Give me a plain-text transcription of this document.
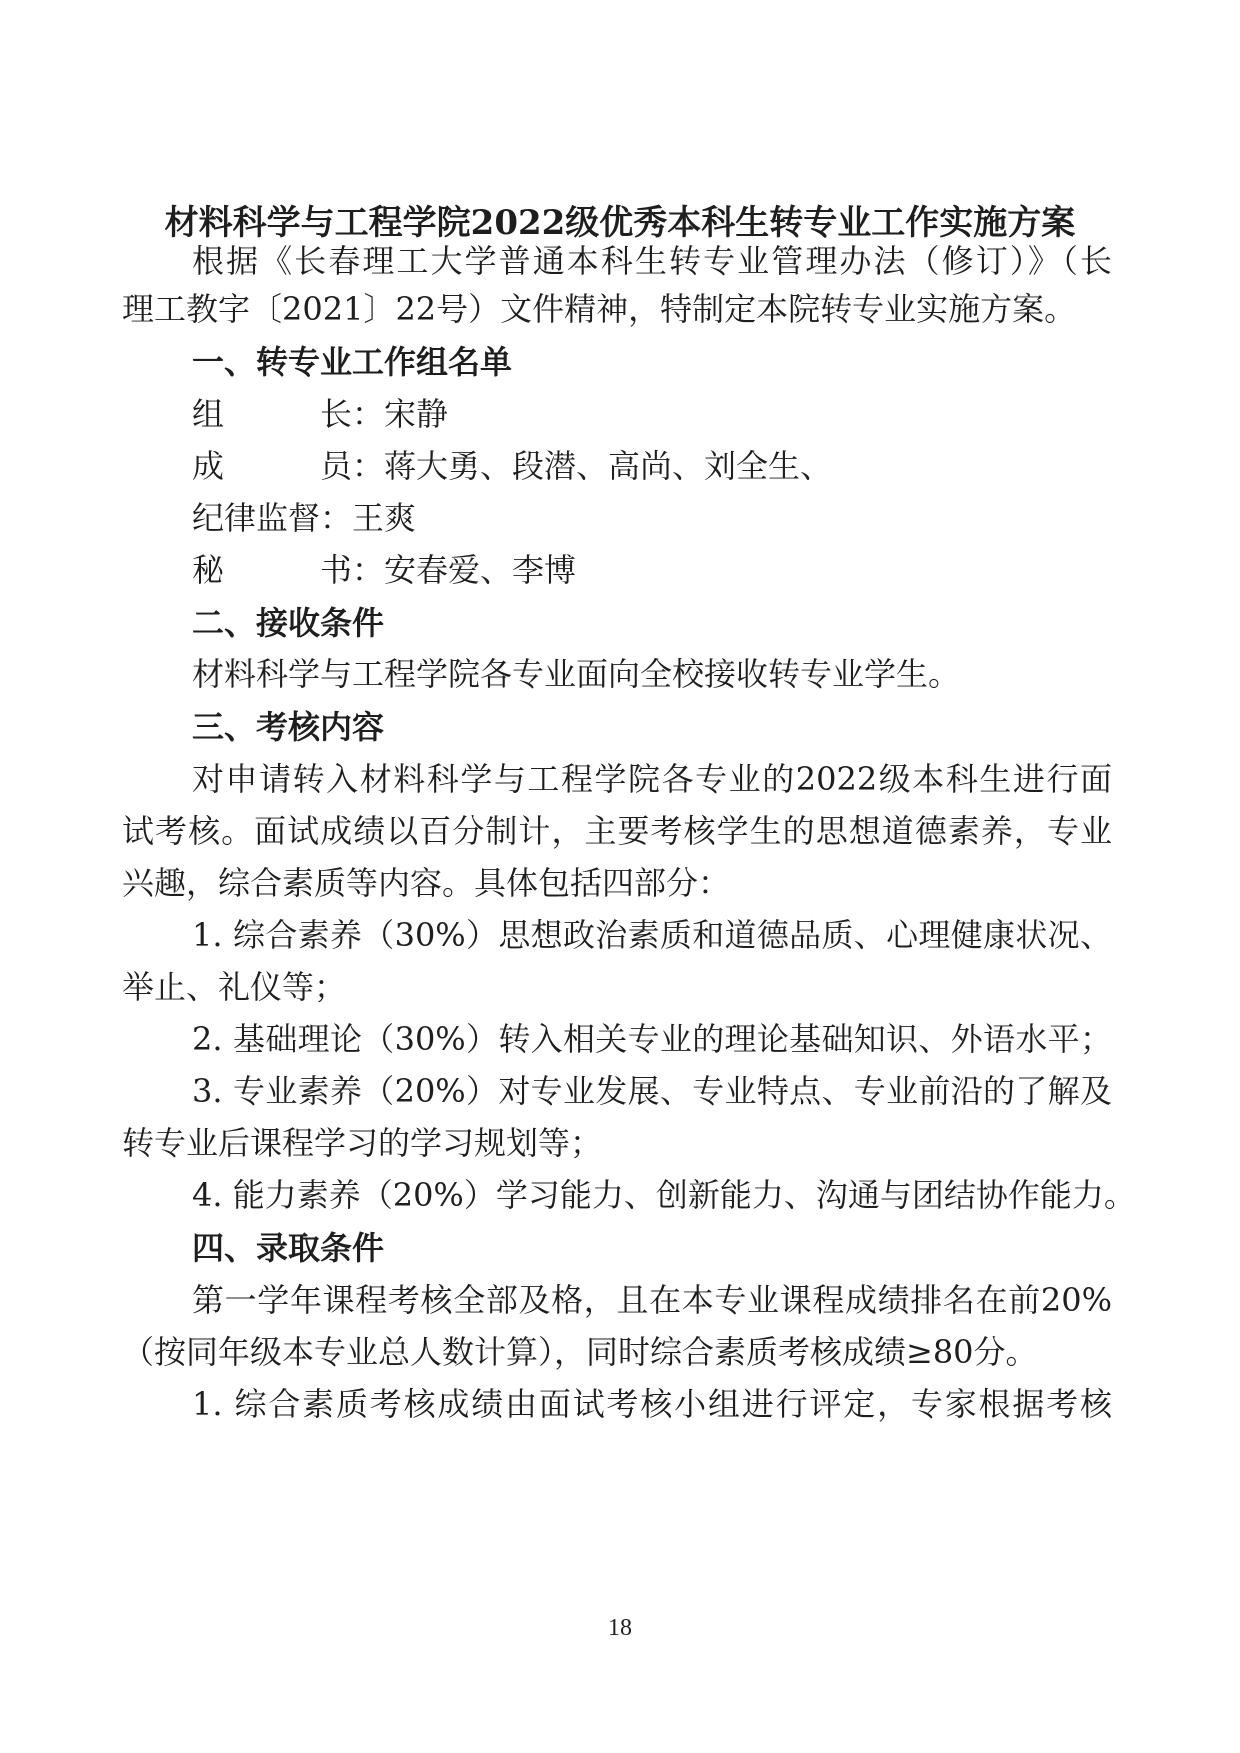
材料科学与工程学院2022级优秀本科生转专业工作实施方案
根据《长春理工大学普通本科生转专业管理办法（修订）》（长
理工教字〔2021〕22号）文件精神，特制定本院转专业实施方案。
一、转专业工作组名单
组	长：宋静
成	员：蒋大勇、段潜、高尚、刘全生、
纪律监督：王爽
秘	书：安春爱、李博
二、接收条件
材料科学与工程学院各专业面向全校接收转专业学生。
三、考核内容
对申请转入材料科学与工程学院各专业的2022级本科生进行面
试考核。面试成绩以百分制计，主要考核学生的思想道德素养，专业
兴趣，综合素质等内容。具体包括四部分：
1. 综合素养（30%）思想政治素质和道德品质、心理健康状况、
举止、礼仪等；
2. 基础理论（30%）转入相关专业的理论基础知识、外语水平；
3. 专业素养（20%）对专业发展、专业特点、专业前沿的了解及
转专业后课程学习的学习规划等；
4. 能力素养（20%）学习能力、创新能力、沟通与团结协作能力。
四、录取条件
第一学年课程考核全部及格，且在本专业课程成绩排名在前20%
（按同年级本专业总人数计算），同时综合素质考核成绩≥80分。
1. 综合素质考核成绩由面试考核小组进行评定，专家根据考核
18
